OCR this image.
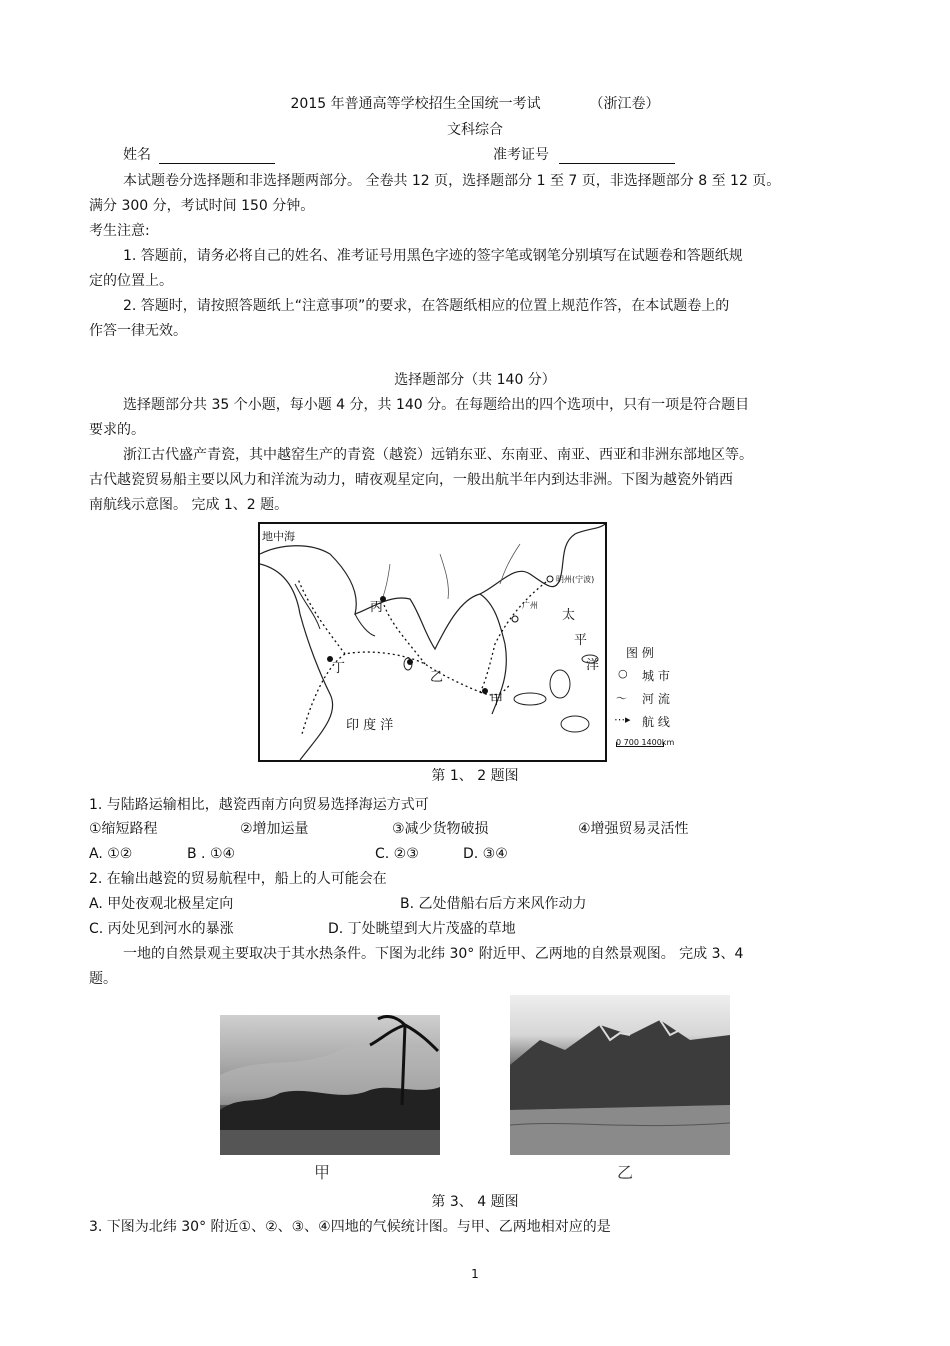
2015 年普通高等学校招生全国统一考试	（浙江卷）
文科综合
姓名	准考证号
本试题卷分选择题和非选择题两部分。 全卷共 12 页，选择题部分 1 至 7 页，非选择题部分 8 至 12 页。
满分 300 分，考试时间 150 分钟。
考生注意:
1. 答题前，请务必将自己的姓名、准考证号用黑色字迹的签字笔或钢笔分别填写在试题卷和答题纸规
定的位置上。
2. 答题时，请按照答题纸上“注意事项”的要求，在答题纸相应的位置上规范作答，在本试题卷上的
作答一律无效。
选择题部分（共 140 分）
选择题部分共 35 个小题，每小题 4 分，共 140 分。在每题给出的四个选项中，只有一项是符合题目
要求的。
浙江古代盛产青瓷，其中越窑生产的青瓷（越瓷）远销东亚、东南亚、南亚、西亚和非洲东部地区等。
古代越瓷贸易船主要以风力和洋流为动力，晴夜观星定向，一般出航半年内到达非洲。下图为越瓷外销西
南航线示意图。 完成 1、2 题。
地中海
丙
丁
乙
甲
印 度 洋
太
平
洋
明州(宁波)
广州
图 例
○ 城 市
～ 河 流
⋯▸ 航 线
0 700 1400km
第 1、 2 题图
1. 与陆路运输相比，越瓷西南方向贸易选择海运方式可
①缩短路程	②增加运量	③减少货物破损	④增强贸易灵活性
A. ①②	B . ①④	C. ②③	D. ③④
2. 在输出越瓷的贸易航程中，船上的人可能会在
A. 甲处夜观北极星定向	B. 乙处借船右后方来风作动力
C. 丙处见到河水的暴涨	D. 丁处眺望到大片茂盛的草地
一地的自然景观主要取决于其水热条件。下图为北纬 30° 附近甲、乙两地的自然景观图。 完成 3、4
题。
甲	乙
第 3、 4 题图
3. 下图为北纬 30° 附近①、②、③、④四地的气候统计图。与甲、乙两地相对应的是
1
